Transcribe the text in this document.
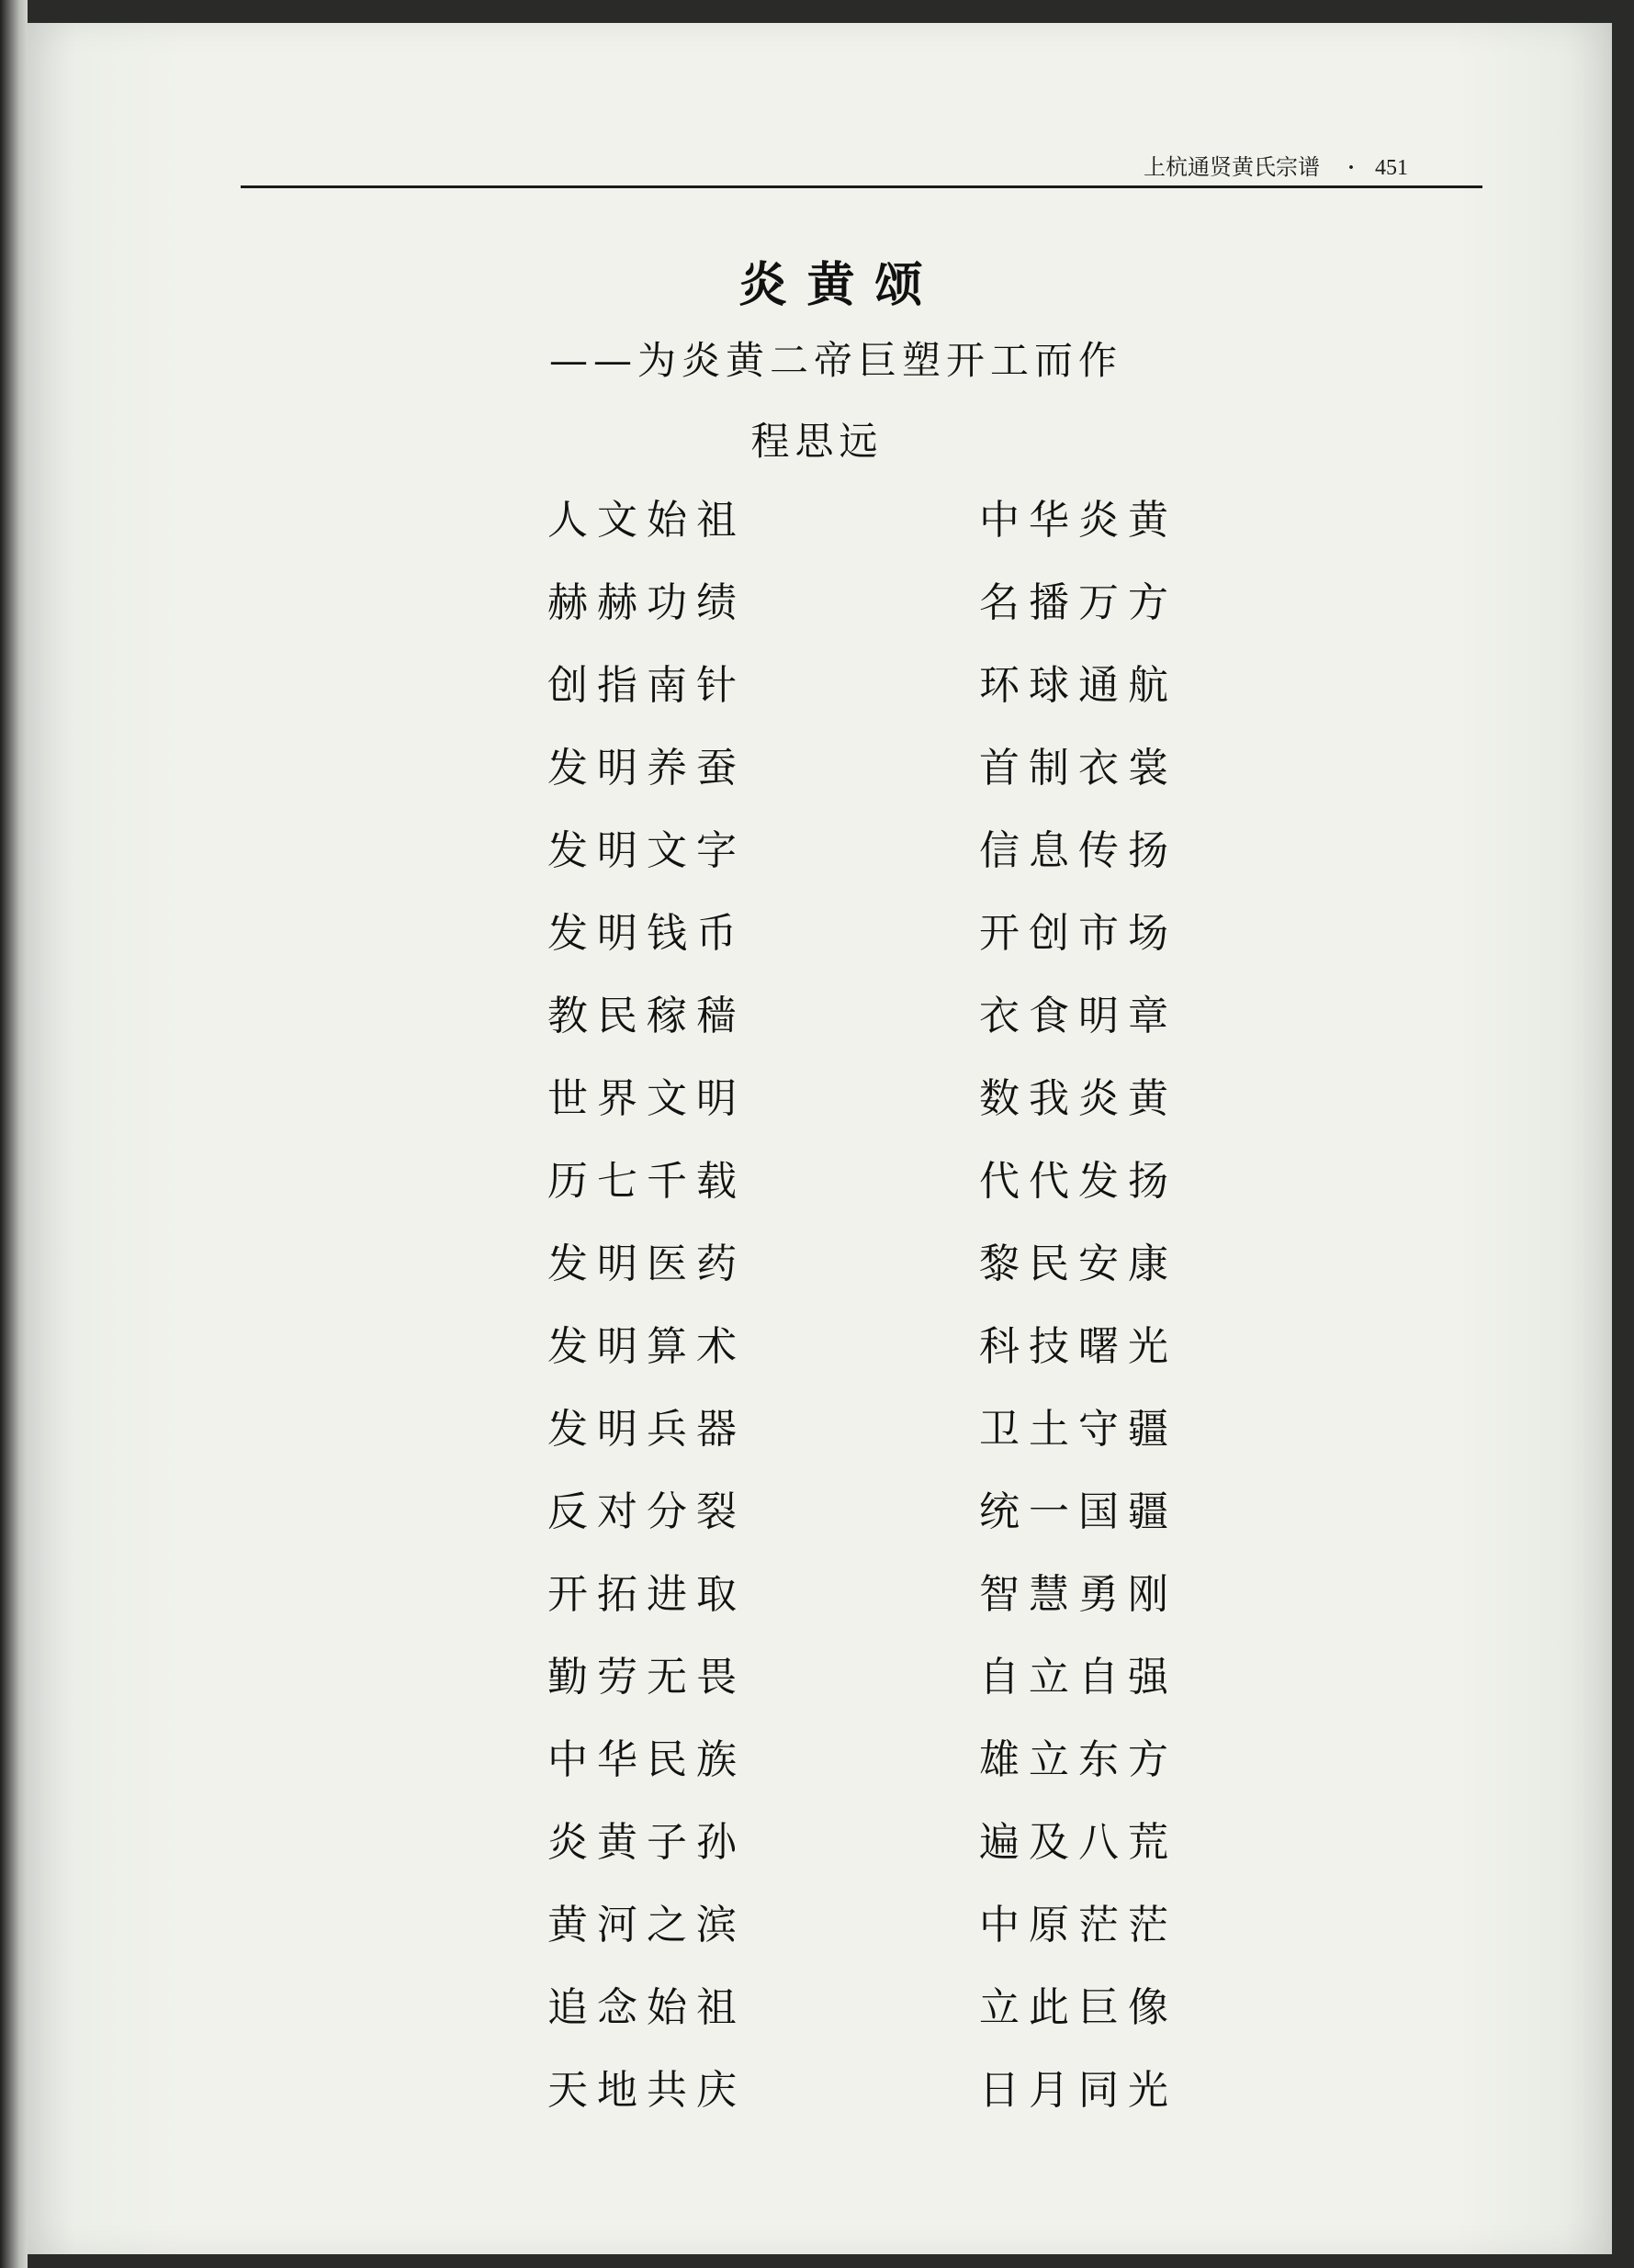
上杭通贤黄氏宗谱 · 451
炎黄颂
——为炎黄二帝巨塑开工而作
程思远
人文始祖	中华炎黄
赫赫功绩	名播万方
创指南针	环球通航
发明养蚕	首制衣裳
发明文字	信息传扬
发明钱币	开创市场
教民稼穑	衣食明章
世界文明	数我炎黄
历七千载	代代发扬
发明医药	黎民安康
发明算术	科技曙光
发明兵器	卫土守疆
反对分裂	统一国疆
开拓进取	智慧勇刚
勤劳无畏	自立自强
中华民族	雄立东方
炎黄子孙	遍及八荒
黄河之滨	中原茫茫
追念始祖	立此巨像
天地共庆	日月同光
